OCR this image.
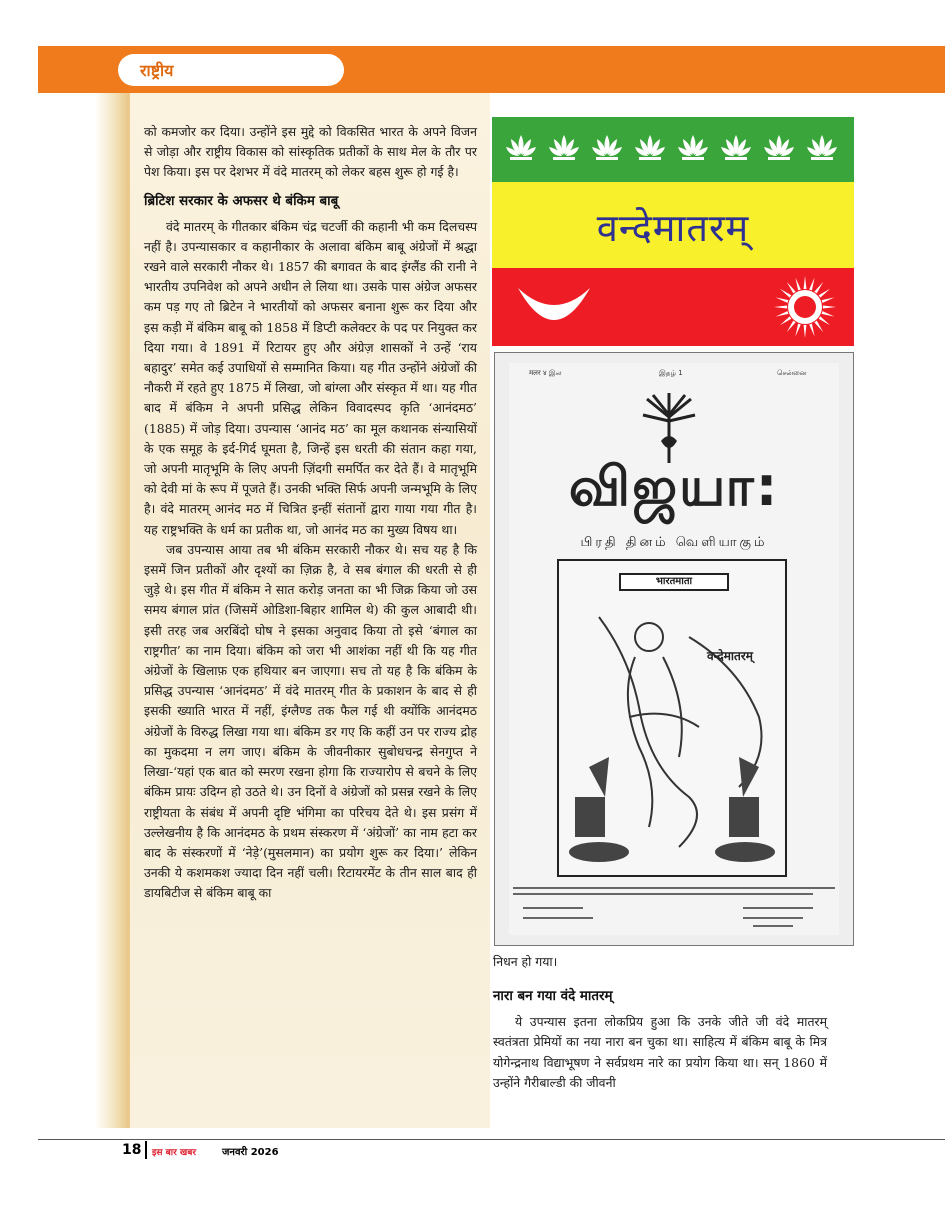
राष्ट्रीय

को कमजोर कर दिया। उन्होंने इस मुद्दे को विकसित भारत के अपने विजन से जोड़ा और राष्ट्रीय विकास को सांस्कृतिक प्रतीकों के साथ मेल के तौर पर पेश किया। इस पर देशभर में वंदे मातरम् को लेकर बहस शुरू हो गई है।

ब्रिटिश सरकार के अफसर थे बंकिम बाबू

वंदे मातरम् के गीतकार बंकिम चंद्र चटर्जी की कहानी भी कम दिलचस्प नहीं है। उपन्यासकार व कहानीकार के अलावा बंकिम बाबू अंग्रेजों में श्रद्धा रखने वाले सरकारी नौकर थे। 1857 की बगावत के बाद इंग्लैंड की रानी ने भारतीय उपनिवेश को अपने अधीन ले लिया था। उसके पास अंग्रेज अफसर कम पड़ गए तो ब्रिटेन ने भारतीयों को अफसर बनाना शुरू कर दिया और इस कड़ी में बंकिम बाबू को 1858 में डिप्टी कलेक्टर के पद पर नियुक्त कर दिया गया। वे 1891 में रिटायर हुए और अंग्रेज़ शासकों ने उन्हें ‘राय बहादुर’ समेत कई उपाधियों से सम्मानित किया। यह गीत उन्होंने अंग्रेजों की नौकरी में रहते हुए 1875 में लिखा, जो बांग्ला और संस्कृत में था। यह गीत बाद में बंकिम ने अपनी प्रसिद्ध लेकिन विवादस्पद कृति ‘आनंदमठ’ (1885) में जोड़ दिया। उपन्यास ‘आनंद मठ’ का मूल कथानक संन्यासियों के एक समूह के इर्द-गिर्द घूमता है, जिन्हें इस धरती की संतान कहा गया, जो अपनी मातृभूमि के लिए अपनी ज़िंदगी समर्पित कर देते हैं। वे मातृभूमि को देवी मां के रूप में पूजते हैं। उनकी भक्ति सिर्फ अपनी जन्मभूमि के लिए है। वंदे मातरम् आनंद मठ में चित्रित इन्हीं संतानों द्वारा गाया गया गीत है। यह राष्ट्रभक्ति के धर्म का प्रतीक था, जो आनंद मठ का मुख्य विषय था।

जब उपन्यास आया तब भी बंकिम सरकारी नौकर थे। सच यह है कि इसमें जिन प्रतीकों और दृश्यों का ज़िक्र है, वे सब बंगाल की धरती से ही जुड़े थे। इस गीत में बंकिम ने सात करोड़ जनता का भी जिक्र किया जो उस समय बंगाल प्रांत (जिसमें ओडिशा-बिहार शामिल थे) की कुल आबादी थी। इसी तरह जब अरबिंदो घोष ने इसका अनुवाद किया तो इसे ‘बंगाल का राष्ट्रगीत’ का नाम दिया। बंकिम को जरा भी आशंका नहीं थी कि यह गीत अंग्रेजों के खिलाफ़ एक हथियार बन जाएगा। सच तो यह है कि बंकिम के प्रसिद्ध उपन्यास ‘आनंदमठ’ में वंदे मातरम् गीत के प्रकाशन के बाद से ही इसकी ख्याति भारत में नहीं, इंग्लैण्ड तक फैल गई थी क्योंकि आनंदमठ अंग्रेजों के विरुद्ध लिखा गया था। बंकिम डर गए कि कहीं उन पर राज्य द्रोह का मुकदमा न लग जाए। बंकिम के जीवनीकार सुबोधचन्द्र सेनगुप्त ने लिखा-‘यहां एक बात को स्मरण रखना होगा कि राज्यारोप से बचने के लिए बंकिम प्रायः उदिग्न हो उठते थे। उन दिनों वे अंग्रेजों को प्रसन्न रखने के लिए राष्ट्रीयता के संबंध में अपनी दृष्टि भंगिमा का परिचय देते थे। इस प्रसंग में उल्लेखनीय है कि आनंदमठ के प्रथम संस्करण में ‘अंग्रेजों’ का नाम हटा कर बाद के संस्करणों में ‘नेड़े’(मुसलमान) का प्रयोग शुरू कर दिया।’ लेकिन उनकी ये कशमकश ज्यादा दिन नहीं चली। रिटायरमेंट के तीन साल बाद ही डायबिटीज से बंकिम बाबू का

वन्देमातरम्
मलर ४ இல	இதழ் 1	சென்னை
விஜயா:
பிரதி தினம் வெளியாகும்
भारतमाता
वन्देमातरम्

निधन हो गया।

नारा बन गया वंदे मातरम्

ये उपन्यास इतना लोकप्रिय हुआ कि उनके जीते जी वंदे मातरम् स्वतंत्रता प्रेमियों का नया नारा बन चुका था। साहित्य में बंकिम बाबू के मित्र योगेन्द्रनाथ विद्याभूषण ने सर्वप्रथम नारे का प्रयोग किया था। सन् 1860 में उन्होंने गैरीबाल्डी की जीवनी

18 इस बार खबर	जनवरी 2026
